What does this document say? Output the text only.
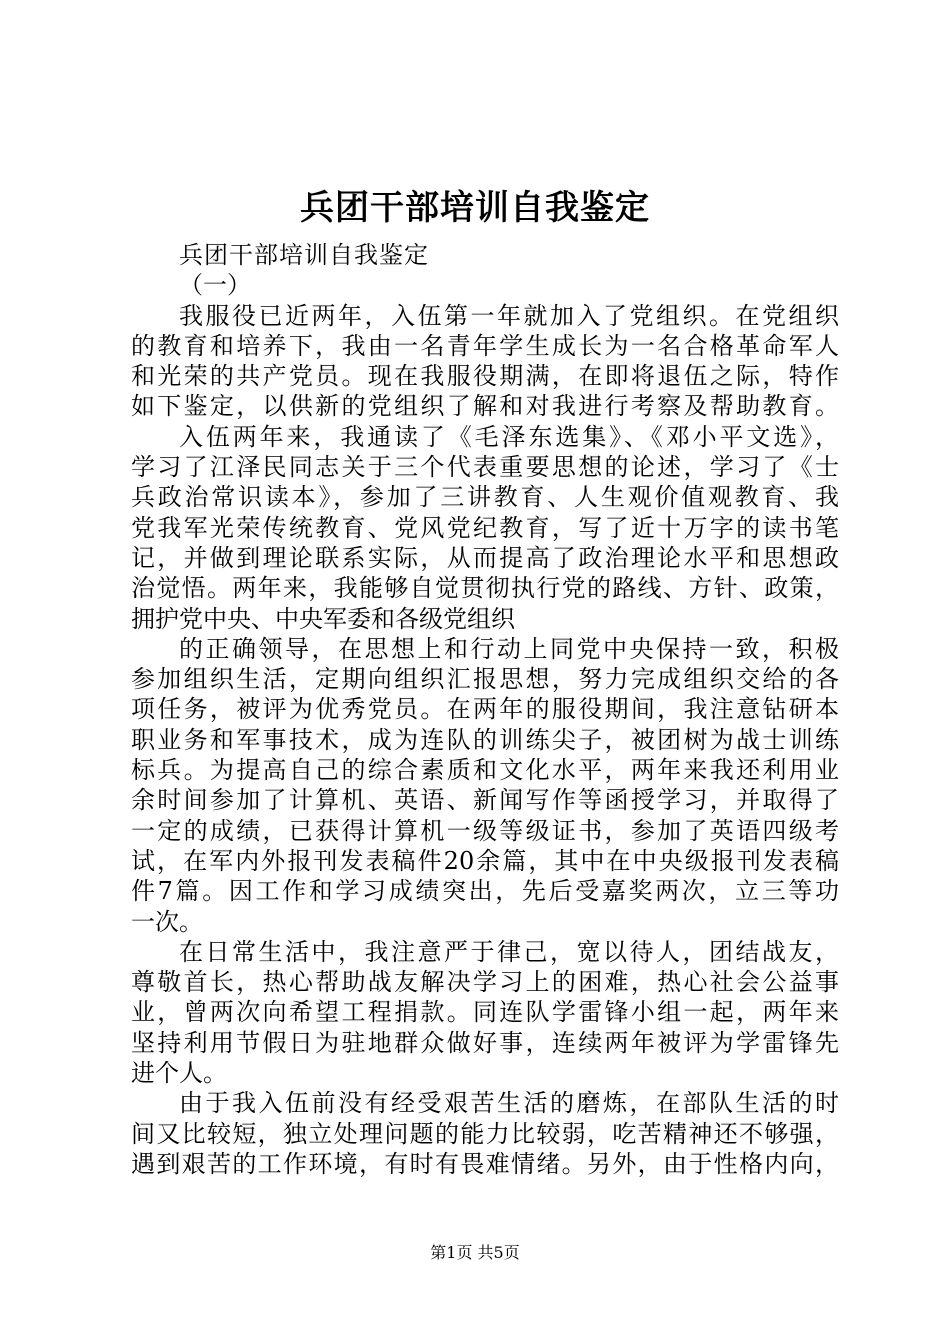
兵团干部培训自我鉴定
兵团干部培训自我鉴定
（一）
我服役已近两年，入伍第一年就加入了党组织。在党组织
的教育和培养下，我由一名青年学生成长为一名合格革命军人
和光荣的共产党员。现在我服役期满，在即将退伍之际，特作
如下鉴定，以供新的党组织了解和对我进行考察及帮助教育。
入伍两年来，我通读了《毛泽东选集》、《邓小平文选》，
学习了江泽民同志关于三个代表重要思想的论述，学习了《士
兵政治常识读本》，参加了三讲教育、人生观价值观教育、我
党我军光荣传统教育、党风党纪教育，写了近十万字的读书笔
记，并做到理论联系实际，从而提高了政治理论水平和思想政
治觉悟。两年来，我能够自觉贯彻执行党的路线、方针、政策，
拥护党中央、中央军委和各级党组织
的正确领导，在思想上和行动上同党中央保持一致，积极
参加组织生活，定期向组织汇报思想，努力完成组织交给的各
项任务，被评为优秀党员。在两年的服役期间，我注意钻研本
职业务和军事技术，成为连队的训练尖子，被团树为战士训练
标兵。为提高自己的综合素质和文化水平，两年来我还利用业
余时间参加了计算机、英语、新闻写作等函授学习，并取得了
一定的成绩，已获得计算机一级等级证书，参加了英语四级考
试，在军内外报刊发表稿件20余篇，其中在中央级报刊发表稿
件7篇。因工作和学习成绩突出，先后受嘉奖两次，立三等功
一次。
在日常生活中，我注意严于律己，宽以待人，团结战友，
尊敬首长，热心帮助战友解决学习上的困难，热心社会公益事
业，曾两次向希望工程捐款。同连队学雷锋小组一起，两年来
坚持利用节假日为驻地群众做好事，连续两年被评为学雷锋先
进个人。
由于我入伍前没有经受艰苦生活的磨炼，在部队生活的时
间又比较短，独立处理问题的能力比较弱，吃苦精神还不够强，
遇到艰苦的工作环境，有时有畏难情绪。另外，由于性格内向，
第1页 共5页
